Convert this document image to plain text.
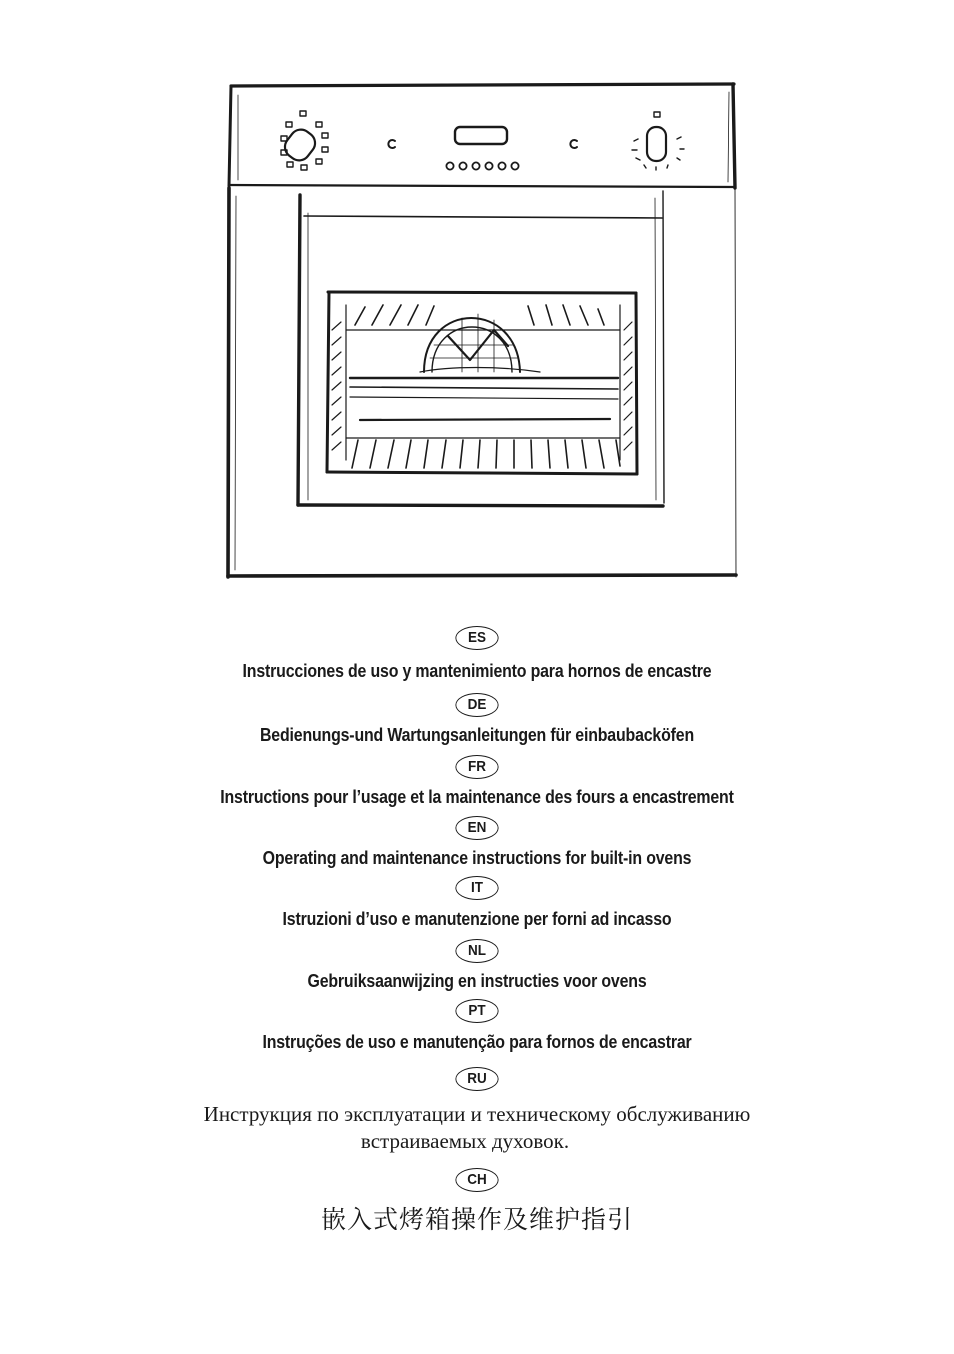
ES
Instrucciones de uso y mantenimiento para hornos de encastre
DE
Bedienungs-und Wartungsanleitungen für einbaubacköfen
FR
Instructions pour l’usage et la maintenance des fours a encastrement
EN
Operating and maintenance instructions for built-in ovens
IT
Istruzioni d’uso e manutenzione per forni ad incasso
NL
Gebruiksaanwijzing en instructies voor ovens
PT
Instruções de uso e manutenção para fornos de encastrar
RU
Инструкция по эксплуатации и техническому обслуживанию
встраиваемых духовок.
CH
嵌入式烤箱操作及维护指引
